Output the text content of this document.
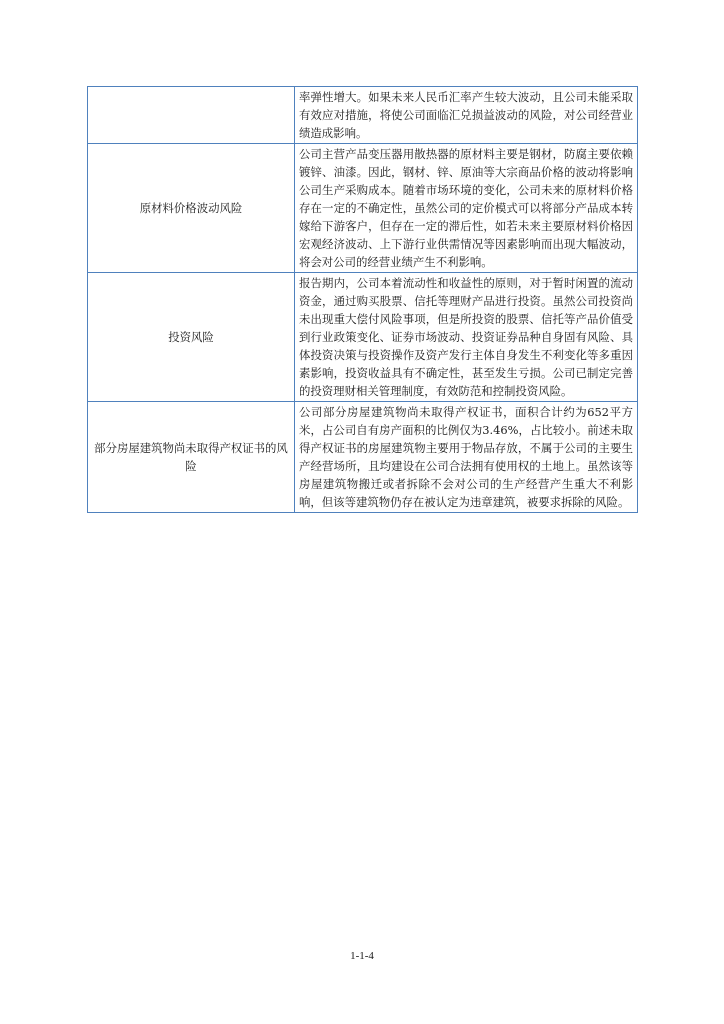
	率弹性增大。如果未来人民币汇率产生较大波动，且公司未能采取有效应对措施，将使公司面临汇兑损益波动的风险，对公司经营业绩造成影响。
原材料价格波动风险	公司主营产品变压器用散热器的原材料主要是钢材，防腐主要依赖镀锌、油漆。因此，钢材、锌、原油等大宗商品价格的波动将影响公司生产采购成本。随着市场环境的变化，公司未来的原材料价格存在一定的不确定性，虽然公司的定价模式可以将部分产品成本转嫁给下游客户，但存在一定的滞后性，如若未来主要原材料价格因宏观经济波动、上下游行业供需情况等因素影响而出现大幅波动，将会对公司的经营业绩产生不利影响。
投资风险	报告期内，公司本着流动性和收益性的原则，对于暂时闲置的流动资金，通过购买股票、信托等理财产品进行投资。虽然公司投资尚未出现重大偿付风险事项，但是所投资的股票、信托等产品价值受到行业政策变化、证券市场波动、投资证券品种自身固有风险、具体投资决策与投资操作及资产发行主体自身发生不利变化等多重因素影响，投资收益具有不确定性，甚至发生亏损。公司已制定完善的投资理财相关管理制度，有效防范和控制投资风险。
部分房屋建筑物尚未取得产权证书的风险	公司部分房屋建筑物尚未取得产权证书，面积合计约为652平方米，占公司自有房产面积的比例仅为3.46%，占比较小。前述未取得产权证书的房屋建筑物主要用于物品存放，不属于公司的主要生产经营场所，且均建设在公司合法拥有使用权的土地上。虽然该等房屋建筑物搬迁或者拆除不会对公司的生产经营产生重大不利影响，但该等建筑物仍存在被认定为违章建筑，被要求拆除的风险。
1-1-4
